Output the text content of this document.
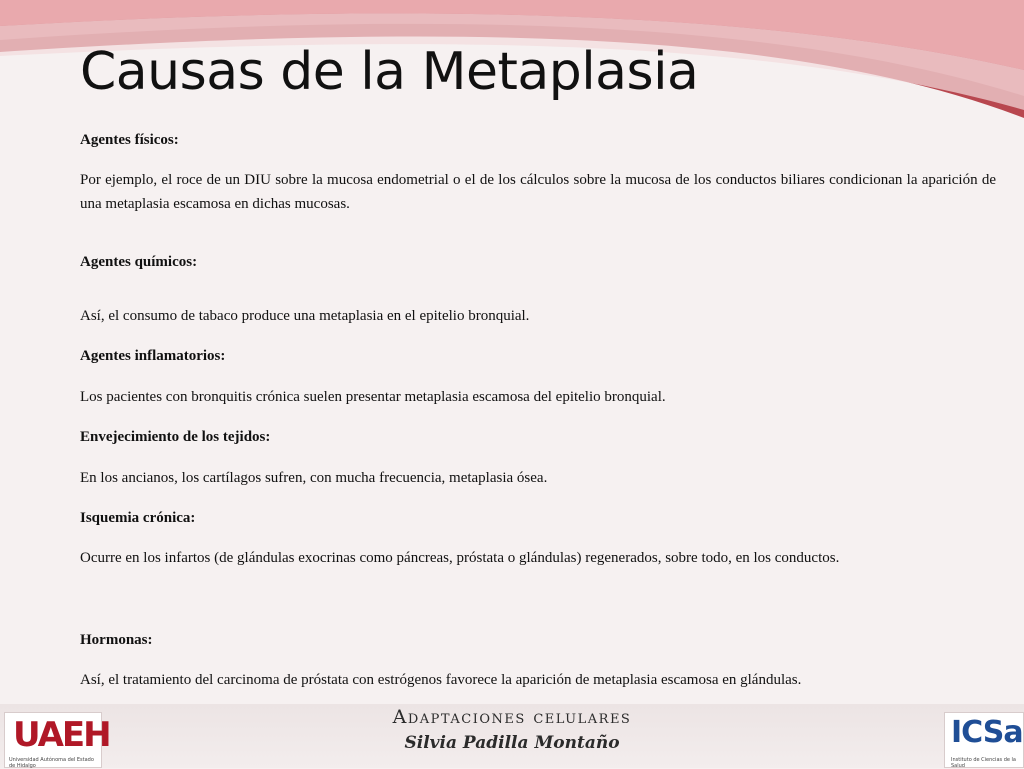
Causas de la Metaplasia

Agentes físicos:

Por ejemplo, el roce de un DIU sobre la mucosa endometrial o el de los cálculos sobre la mucosa de los conductos biliares condicionan la aparición de una metaplasia escamosa en dichas mucosas.

Agentes químicos:

Así, el consumo de tabaco produce una metaplasia en el epitelio bronquial.

Agentes inflamatorios:

Los pacientes con bronquitis crónica suelen presentar metaplasia escamosa del epitelio bronquial.

Envejecimiento de los tejidos:

En los ancianos, los cartílagos sufren, con mucha frecuencia, metaplasia ósea.

Isquemia crónica:

Ocurre en los infartos (de glándulas exocrinas como páncreas, próstata o glándulas) regenerados, sobre todo, en los conductos.

Hormonas:

Así, el tratamiento del carcinoma de próstata con estrógenos favorece la aparición de metaplasia escamosa en glándulas.

UAEH
Universidad Autónoma del Estado de Hidalgo
Adaptaciones celulares
Silvia Padilla Montaño	ICSa
Instituto de Ciencias de la Salud
